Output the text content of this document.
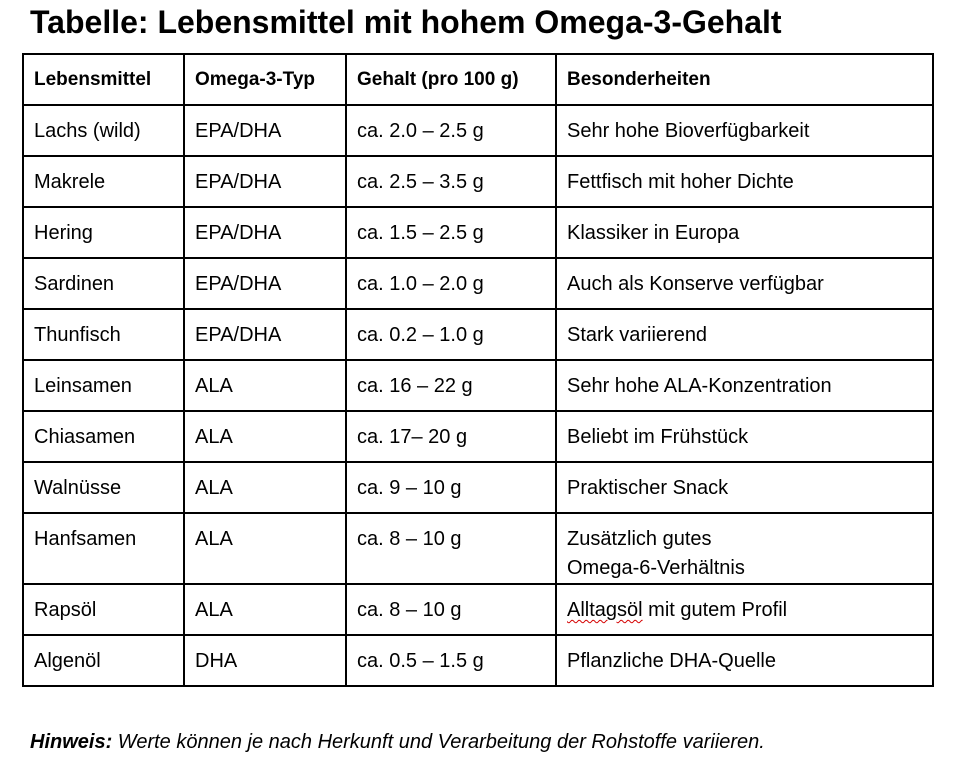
Tabelle: Lebensmittel mit hohem Omega-3-Gehalt
Lebensmittel	Omega-3-Typ	Gehalt (pro 100 g)	Besonderheiten
Lachs (wild)	EPA/DHA	ca. 2.0 – 2.5 g	Sehr hohe Bioverfügbarkeit

Makrele	EPA/DHA	ca. 2.5 – 3.5 g	Fettfisch mit hoher Dichte

Hering	EPA/DHA	ca. 1.5 – 2.5 g	Klassiker in Europa

Sardinen	EPA/DHA	ca. 1.0 – 2.0 g	Auch als Konserve verfügbar

Thunfisch	EPA/DHA	ca. 0.2 – 1.0 g	Stark variierend

Leinsamen	ALA	ca. 16 – 22 g	Sehr hohe ALA-Konzentration

Chiasamen	ALA	ca. 17– 20 g	Beliebt im Frühstück

Walnüsse	ALA	ca. 9 – 10 g	Praktischer Snack

Hanfsamen	ALA	ca. 8 – 10 g	Zusätzlich gutes
Omega-6-Verhältnis

Rapsöl	ALA	ca. 8 – 10 g	Alltagsöl mit gutem Profil

Algenöl	DHA	ca. 0.5 – 1.5 g	Pflanzliche DHA-Quelle

Hinweis: Werte können je nach Herkunft und Verarbeitung der Rohstoffe variieren.
